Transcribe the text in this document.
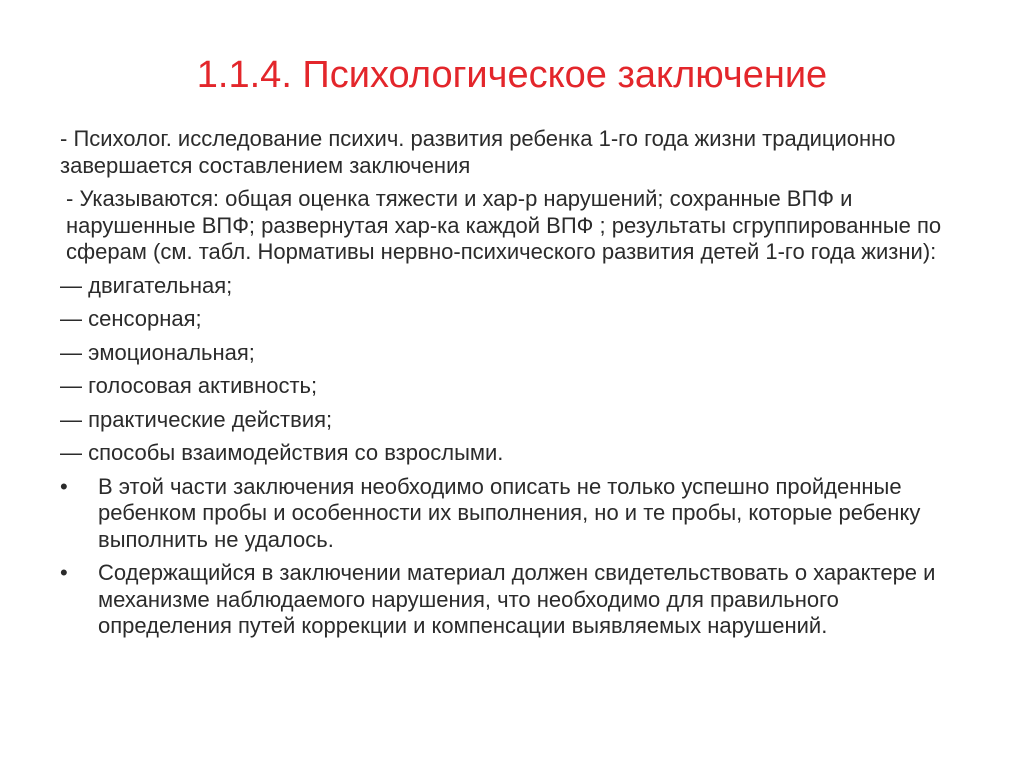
1.1.4. Психологическое заключение
- Психолог. исследование психич. развития ребенка 1-го года жизни традиционно завершается составлением заключения
- Указываются: общая оценка тяжести и хар-р нарушений; сохранные ВПФ и нарушенные ВПФ; развернутая хар-ка каждой ВПФ ; результаты сгруппированные по сферам (см. табл. Нормативы нервно-психического развития детей 1-го года жизни):
— двигательная;
— сенсорная;
— эмоциональная;
— голосовая активность;
— практические действия;
— способы взаимодействия со взрослыми.
• В этой части заключения необходимо описать не только успешно пройденные ребенком пробы и особенности их выполнения, но и те пробы, которые ребенку выполнить не удалось.
• Содержащийся в заключении материал должен свидетельствовать о характере и механизме наблюдаемого нарушения, что необходимо для правильного определения путей коррекции и компенсации выявляемых нарушений.
